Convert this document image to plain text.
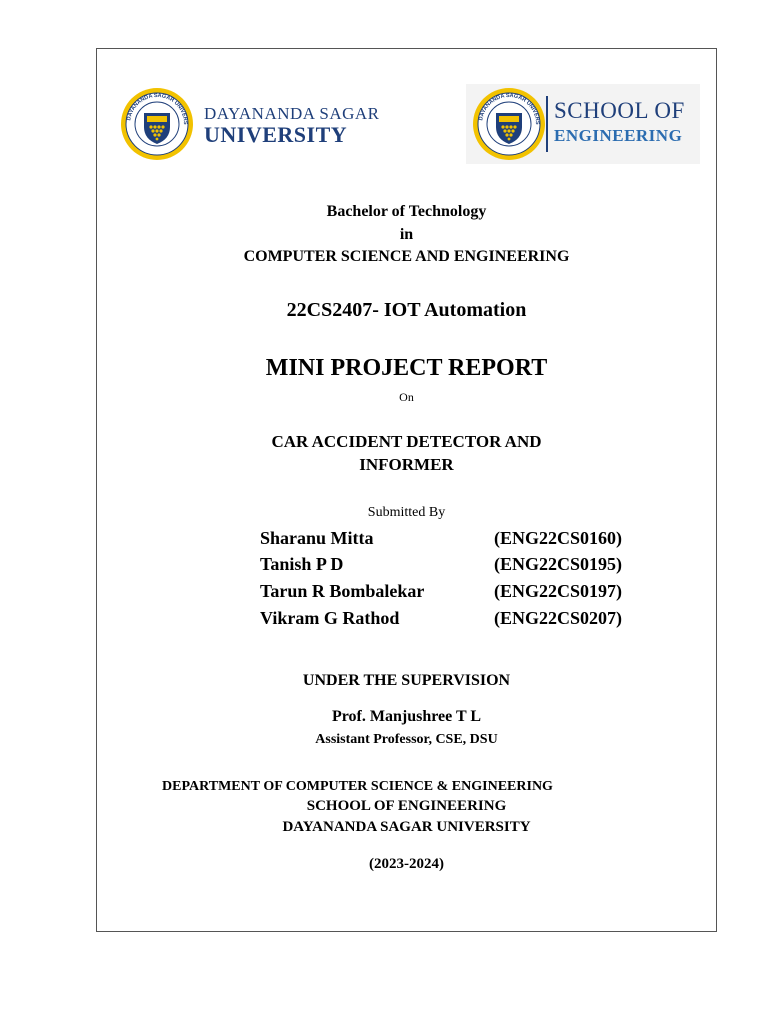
DAYANANDA SAGAR UNIVERS DAYANANDA SAGAR
UNIVERSITY
DAYANANDA SAGAR UNIVERS SCHOOL OF
ENGINEERING
Bachelor of Technology
in
COMPUTER SCIENCE AND ENGINEERING
22CS2407- IOT Automation
MINI PROJECT REPORT
On
CAR ACCIDENT DETECTOR AND
INFORMER
Submitted By
Sharanu Mitta	(ENG22CS0160)
Tanish P D	(ENG22CS0195)
Tarun R Bombalekar	(ENG22CS0197)
Vikram G Rathod	(ENG22CS0207)
UNDER THE SUPERVISION
Prof. Manjushree T L
Assistant Professor, CSE, DSU
DEPARTMENT OF COMPUTER SCIENCE & ENGINEERING
SCHOOL OF ENGINEERING
DAYANANDA SAGAR UNIVERSITY
(2023-2024)
